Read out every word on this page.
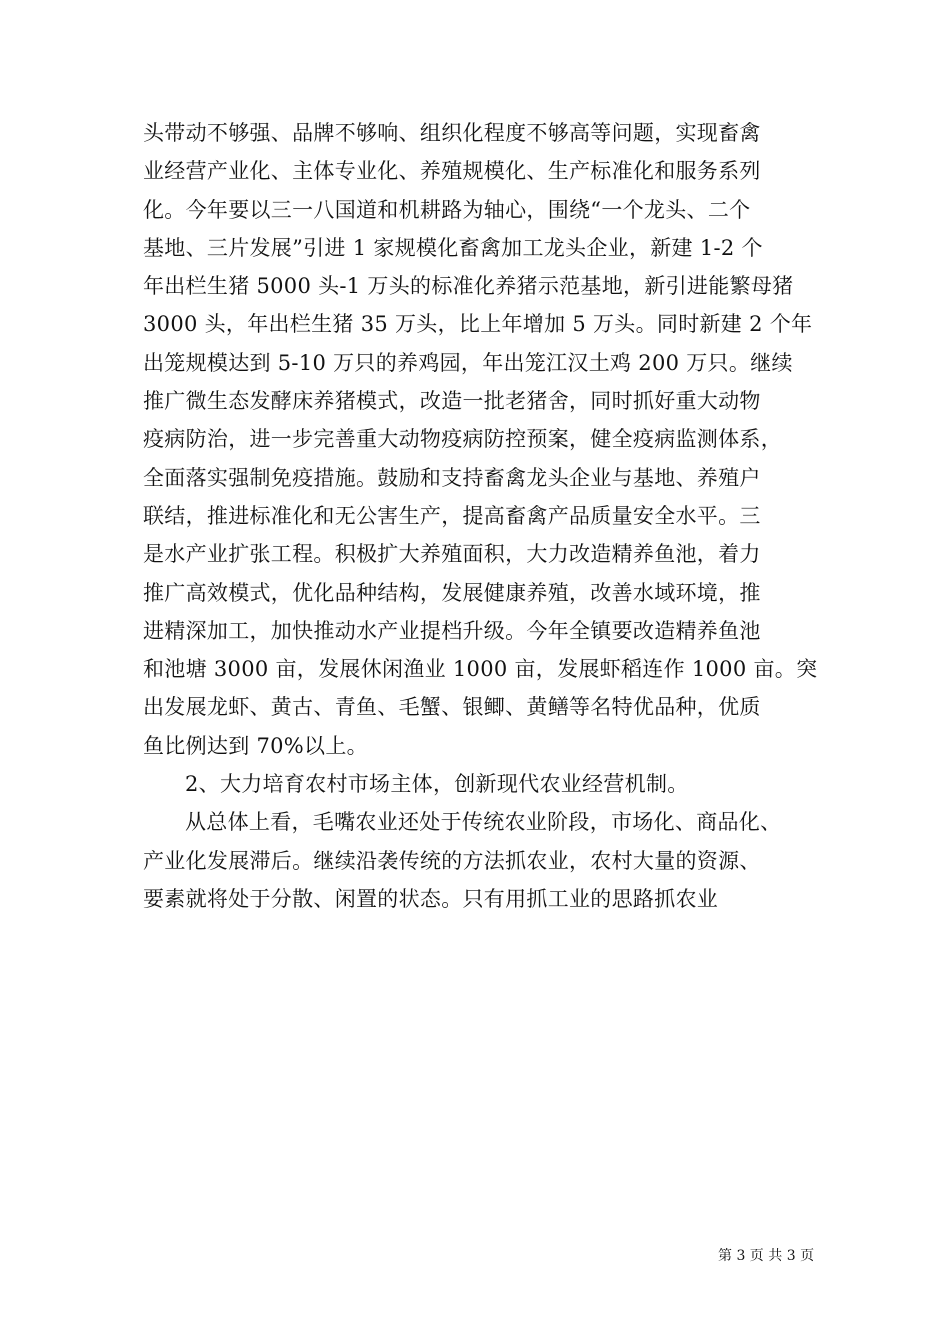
头带动不够强、品牌不够响、组织化程度不够高等问题，实现畜禽
业经营产业化、主体专业化、养殖规模化、生产标准化和服务系列
化。今年要以三一八国道和机耕路为轴心，围绕“一个龙头、二个
基地、三片发展”引进 1 家规模化畜禽加工龙头企业，新建 1-2 个
年出栏生猪 5000 头-1 万头的标准化养猪示范基地，新引进能繁母猪
3000 头，年出栏生猪 35 万头，比上年增加 5 万头。同时新建 2 个年
出笼规模达到 5-10 万只的养鸡园，年出笼江汉土鸡 200 万只。继续
推广微生态发酵床养猪模式，改造一批老猪舍，同时抓好重大动物
疫病防治，进一步完善重大动物疫病防控预案，健全疫病监测体系，
全面落实强制免疫措施。鼓励和支持畜禽龙头企业与基地、养殖户
联结，推进标准化和无公害生产，提高畜禽产品质量安全水平。三
是水产业扩张工程。积极扩大养殖面积，大力改造精养鱼池，着力
推广高效模式，优化品种结构，发展健康养殖，改善水域环境，推
进精深加工，加快推动水产业提档升级。今年全镇要改造精养鱼池
和池塘 3000 亩，发展休闲渔业 1000 亩，发展虾稻连作 1000 亩。突
出发展龙虾、黄古、青鱼、毛蟹、银鲫、黄鳝等名特优品种，优质
鱼比例达到 70%以上。
2、大力培育农村市场主体，创新现代农业经营机制。
从总体上看，毛嘴农业还处于传统农业阶段，市场化、商品化、
产业化发展滞后。继续沿袭传统的方法抓农业，农村大量的资源、
要素就将处于分散、闲置的状态。只有用抓工业的思路抓农业
第 3 页 共 3 页
